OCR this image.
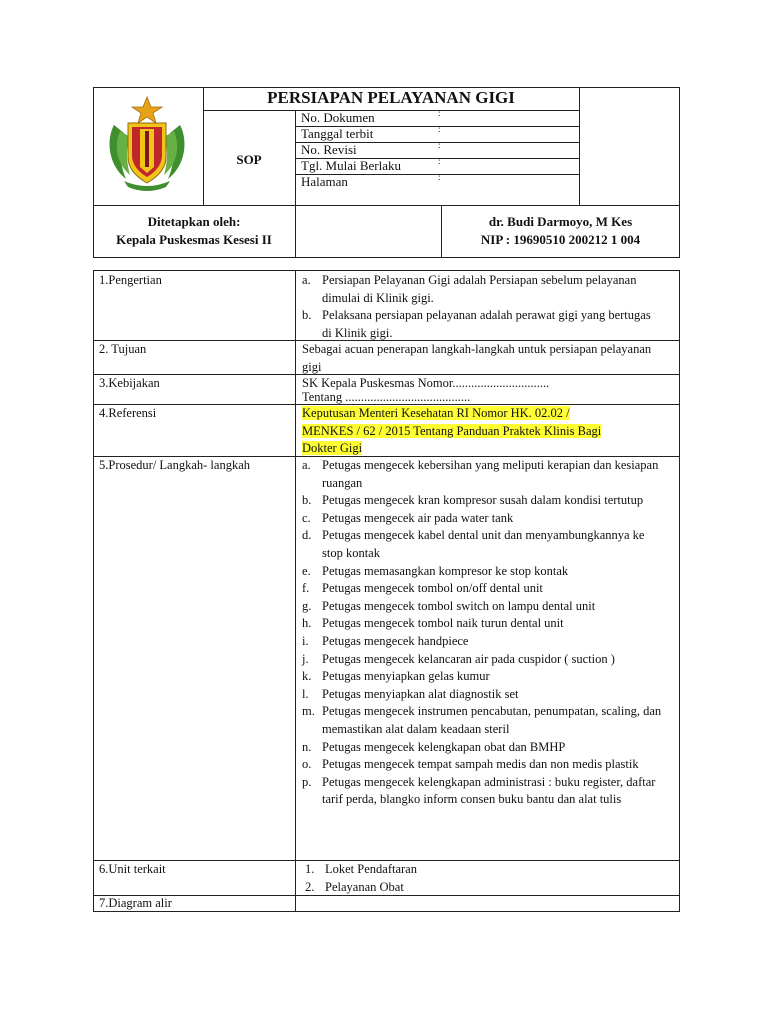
PERSIAPAN PELAYANAN GIGI
SOP
No. Dokumen	:
Tanggal terbit	:
No. Revisi	:
Tgl. Mulai Berlaku	:
Halaman	:
Ditetapkan oleh:
Kepala Puskesmas Kesesi II
dr. Budi Darmoyo, M Kes
NIP : 19690510 200212 1 004
1.Pengertian	a. Persiapan Pelayanan Gigi adalah Persiapan sebelum pelayanan dimulai di Klinik gigi.
b. Pelaksana persiapan pelayanan adalah perawat gigi yang bertugas di Klinik gigi.
2. Tujuan	Sebagai acuan penerapan langkah-langkah untuk persiapan pelayanan gigi
3.Kebijakan	SK Kepala Puskesmas Nomor...............................
Tentang ........................................
4.Referensi	Keputusan Menteri Kesehatan RI Nomor HK. 02.02 /
MENKES / 62 / 2015 Tentang Panduan Praktek Klinis Bagi
Dokter Gigi
5.Prosedur/ Langkah- langkah	a. Petugas mengecek kebersihan yang meliputi kerapian dan kesiapan ruangan
b. Petugas mengecek kran kompresor susah dalam kondisi tertutup
c. Petugas mengecek air pada water tank
d. Petugas mengecek kabel dental unit dan menyambungkannya ke stop kontak
e. Petugas memasangkan kompresor ke stop kontak
f. Petugas mengecek tombol on/off dental unit
g. Petugas mengecek tombol switch on lampu dental unit
h. Petugas mengecek tombol naik turun dental unit
i. Petugas mengecek handpiece
j. Petugas mengecek kelancaran air pada cuspidor ( suction )
k. Petugas menyiapkan gelas kumur
l. Petugas menyiapkan alat diagnostik set
m. Petugas mengecek instrumen pencabutan, penumpatan, scaling, dan memastikan alat dalam keadaan steril
n. Petugas mengecek kelengkapan obat dan BMHP
o. Petugas mengecek tempat sampah medis dan non medis plastik
p. Petugas mengecek kelengkapan administrasi : buku register, daftar tarif perda, blangko inform consen buku bantu dan alat tulis
6.Unit terkait	1. Loket Pendaftaran
2. Pelayanan Obat
7.Diagram alir
